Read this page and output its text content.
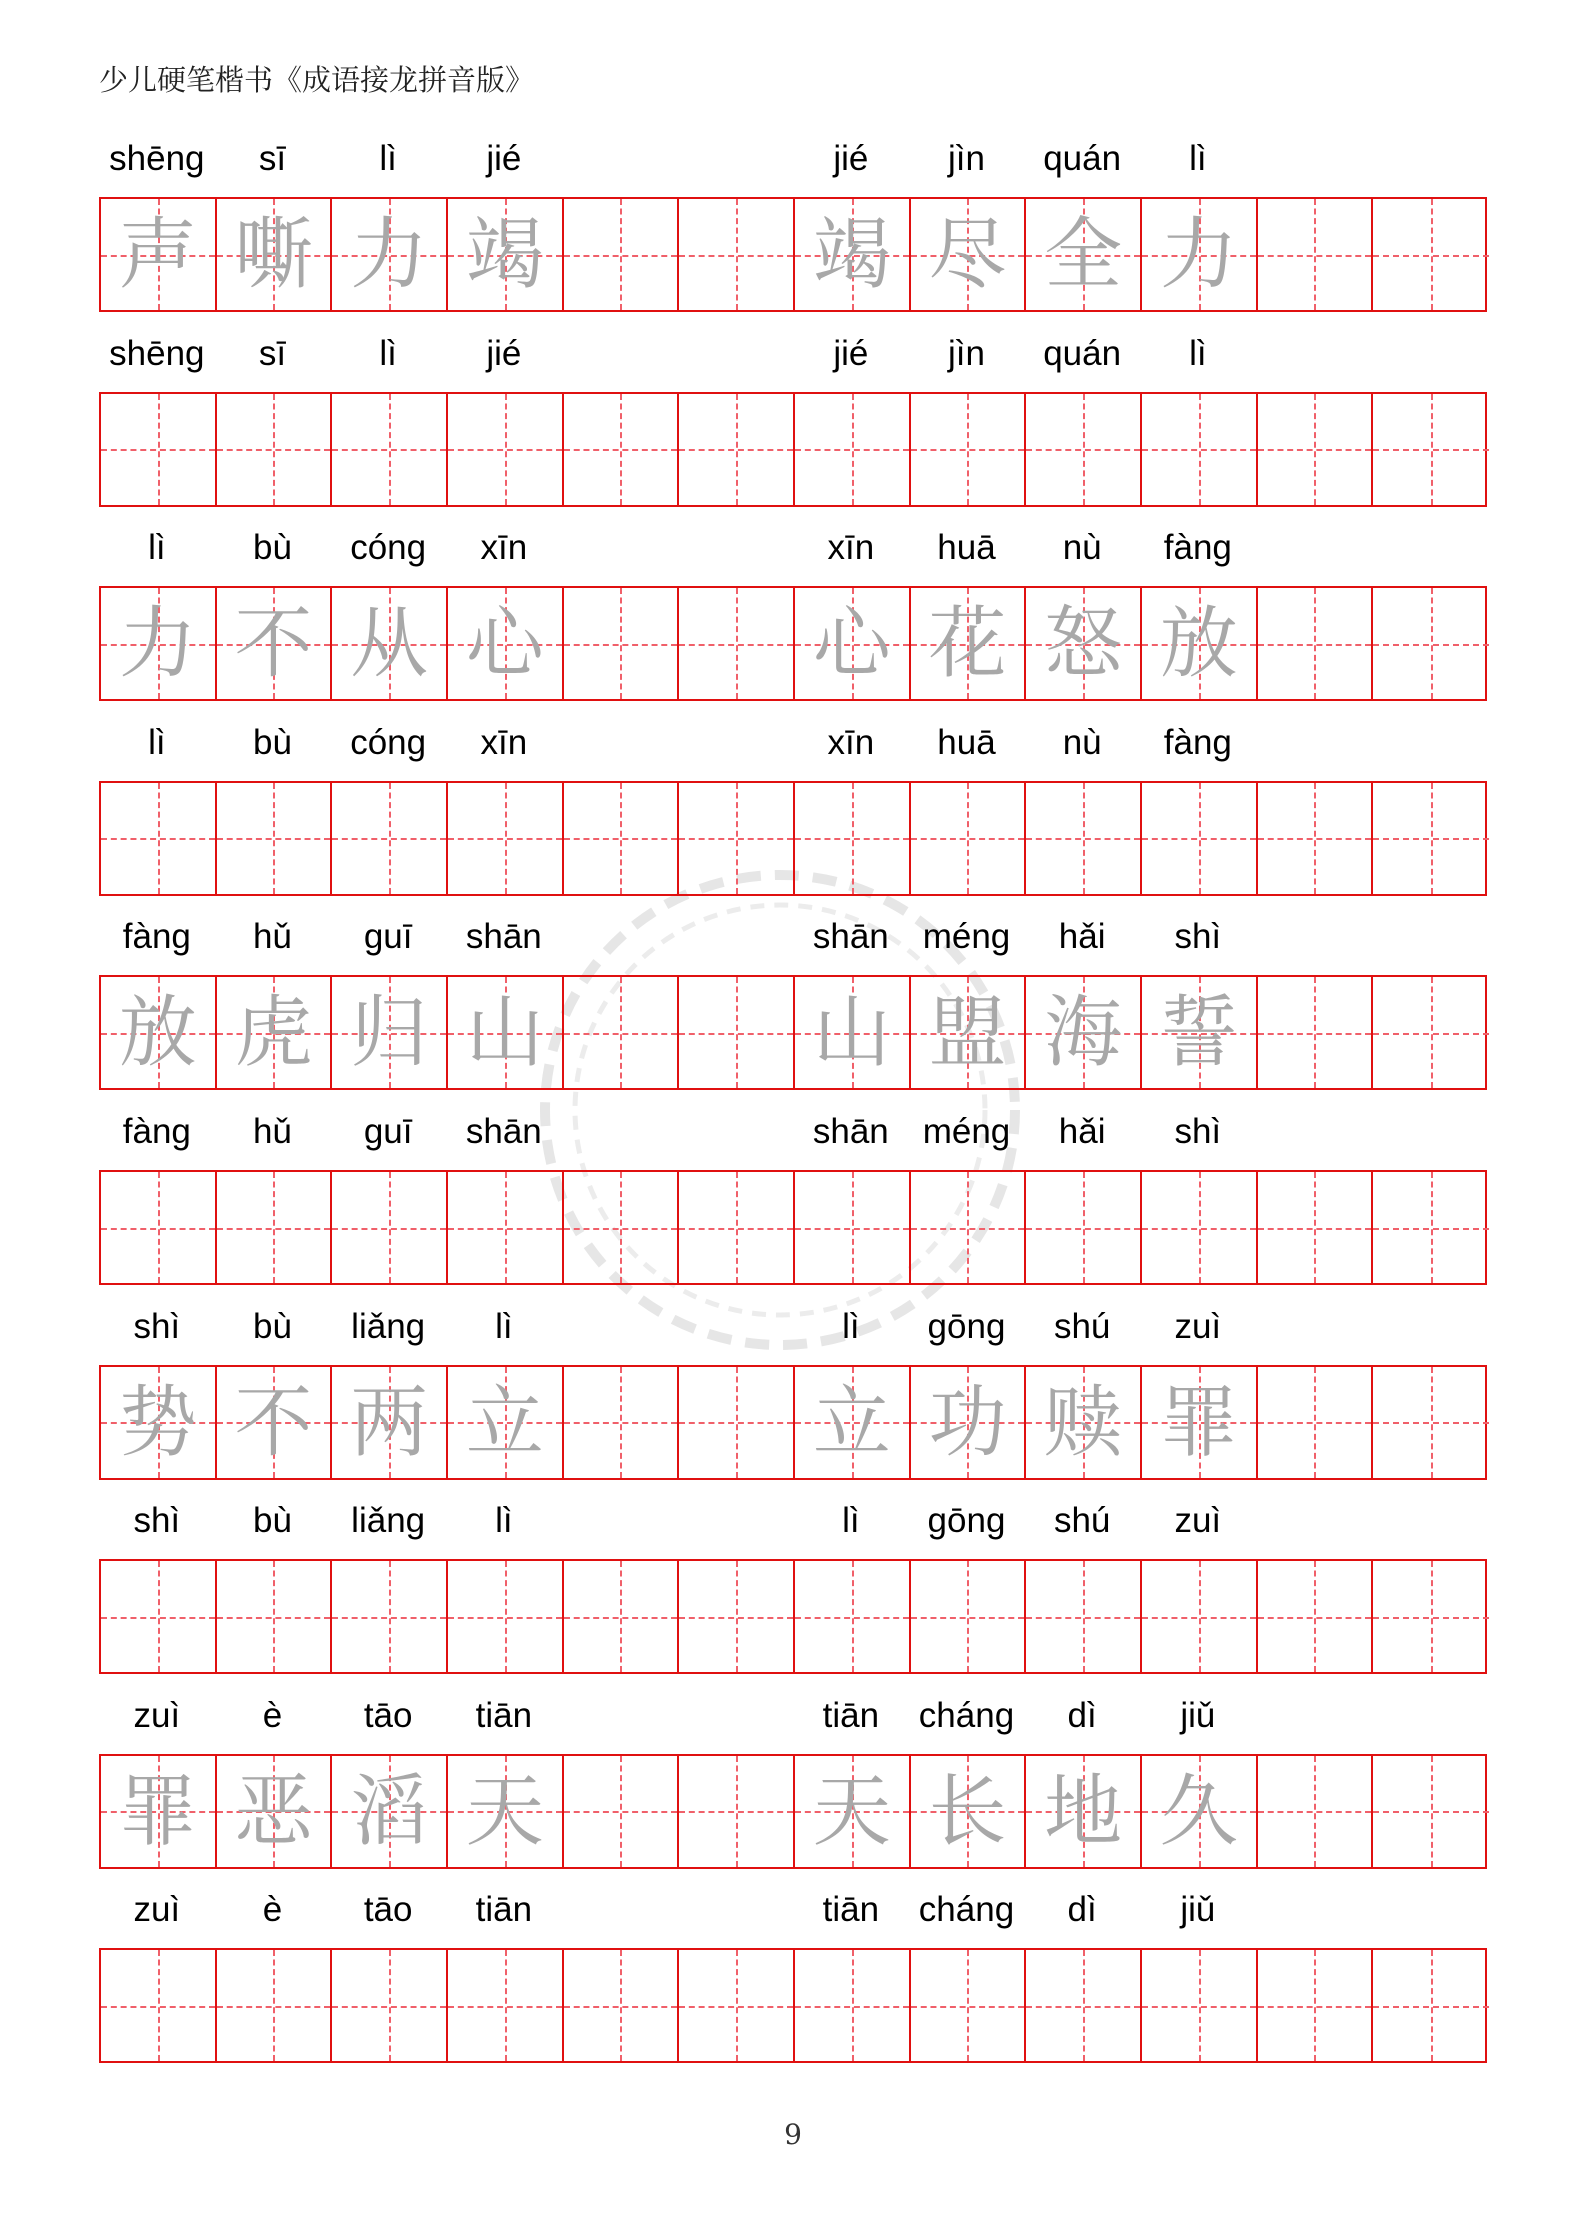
少儿硬笔楷书《成语接龙拼音版》
shēng	sī	lì	jié	jié	jìn	quán	lì
声 嘶 力 竭	竭 尽 全 力
shēng	sī	lì	jié	jié	jìn	quán	lì
lì	bù	cóng	xīn	xīn	huā	nù	fàng
力 不 从 心	心 花 怒 放
lì	bù	cóng	xīn	xīn	huā	nù	fàng
fàng	hǔ	guī	shān	shān méng	hǎi	shì
放 虎 归 山	山 盟 海 誓
fàng	hǔ	guī	shān	shān méng	hǎi	shì
shì	bù	liǎng	lì	lì	gōng	shú	zuì
势 不 两 立	立 功 赎 罪
shì	bù	liǎng	lì	lì	gōng	shú	zuì
zuì	è	tāo	tiān	tiān	cháng	dì	jiǔ
罪 恶 滔 天	天 长 地 久
zuì	è	tāo	tiān	tiān	cháng	dì	jiǔ
9
